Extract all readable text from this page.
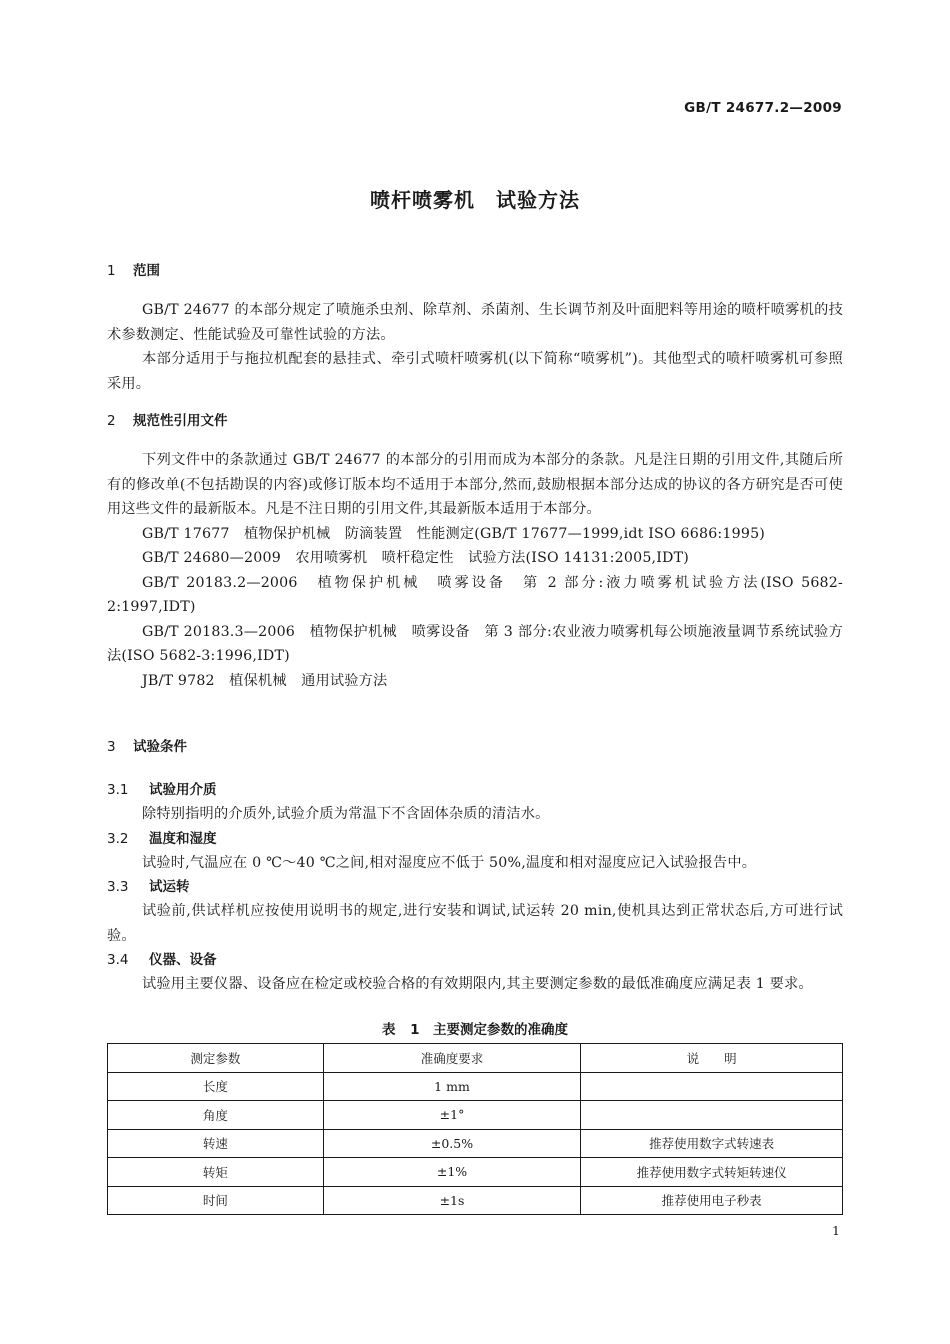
GB/T 24677.2—2009
喷杆喷雾机　试验方法
1 范围

GB/T 24677 的本部分规定了喷施杀虫剂、除草剂、杀菌剂、生长调节剂及叶面肥料等用途的喷杆喷雾机的技术参数测定、性能试验及可靠性试验的方法。

本部分适用于与拖拉机配套的悬挂式、牵引式喷杆喷雾机(以下简称“喷雾机”)。其他型式的喷杆喷雾机可参照采用。

2 规范性引用文件

下列文件中的条款通过 GB/T 24677 的本部分的引用而成为本部分的条款。凡是注日期的引用文件,其随后所有的修改单(不包括勘误的内容)或修订版本均不适用于本部分,然而,鼓励根据本部分达成的协议的各方研究是否可使用这些文件的最新版本。凡是不注日期的引用文件,其最新版本适用于本部分。

GB/T 17677　植物保护机械　防滴装置　性能测定(GB/T 17677—1999,idt ISO 6686:1995)

GB/T 24680—2009　农用喷雾机　喷杆稳定性　试验方法(ISO 14131:2005,IDT)

GB/T 20183.2—2006　植物保护机械　喷雾设备　第 2 部分:液力喷雾机试验方法(ISO 5682-2:1997,IDT)

GB/T 20183.3—2006　植物保护机械　喷雾设备　第 3 部分:农业液力喷雾机每公顷施液量调节系统试验方法(ISO 5682-3:1996,IDT)

JB/T 9782　植保机械　通用试验方法

3 试验条件
3.1 试验用介质

除特别指明的介质外,试验介质为常温下不含固体杂质的清洁水。

3.2 温度和湿度

试验时,气温应在 0 ℃～40 ℃之间,相对湿度应不低于 50%,温度和相对湿度应记入试验报告中。

3.3 试运转

试验前,供试样机应按使用说明书的规定,进行安装和调试,试运转 20 min,使机具达到正常状态后,方可进行试验。

3.4 仪器、设备

试验用主要仪器、设备应在检定或校验合格的有效期限内,其主要测定参数的最低准确度应满足表 1 要求。

表 1　主要测定参数的准确度
测定参数	准确度要求	说　　明
长度	1 mm	
角度	±1°	
转速	±0.5%	推荐使用数字式转速表
转矩	±1%	推荐使用数字式转矩转速仪
时间	±1s	推荐使用电子秒表
1
